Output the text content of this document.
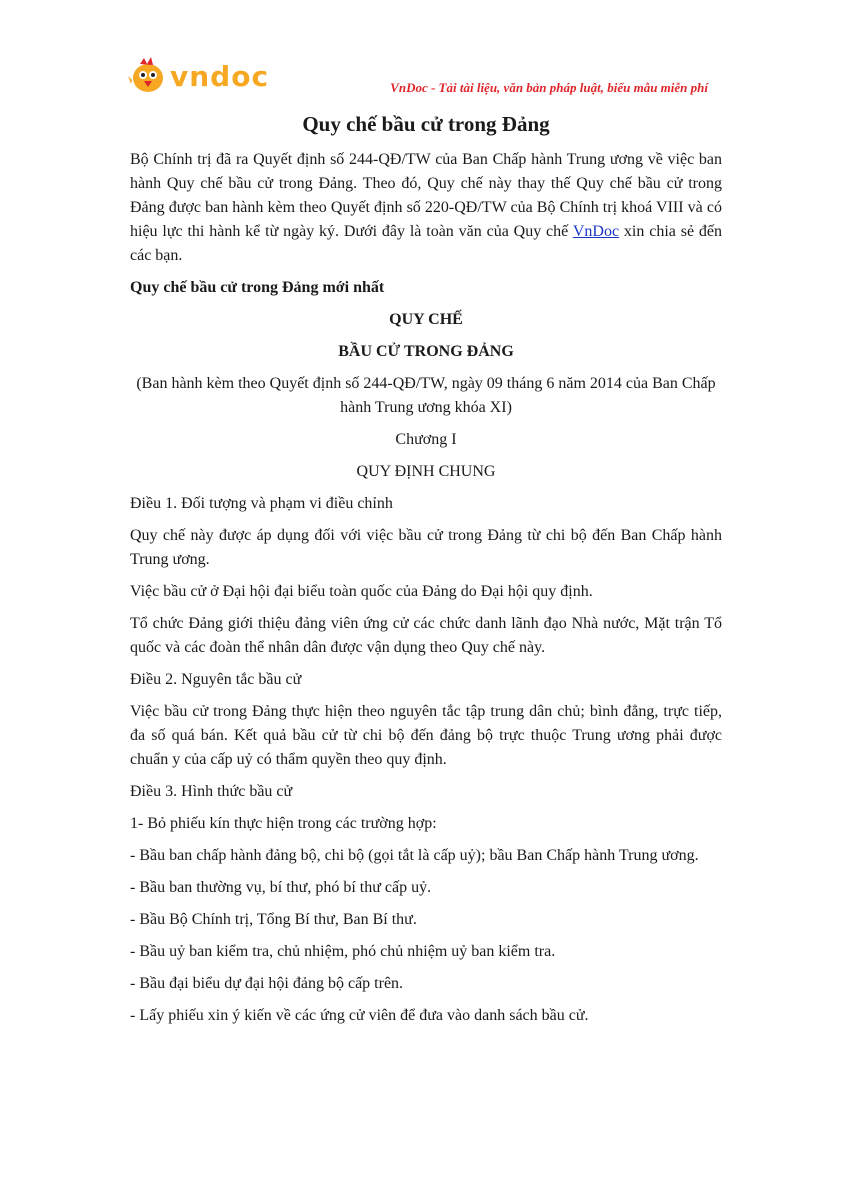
vndoc	VnDoc - Tải tài liệu, văn bản pháp luật, biểu mẫu miễn phí
Quy chế bầu cử trong Đảng

Bộ Chính trị đã ra Quyết định số 244-QĐ/TW của Ban Chấp hành Trung ương về việc ban hành Quy chế bầu cử trong Đảng. Theo đó, Quy chế này thay thế Quy chế bầu cử trong Đảng được ban hành kèm theo Quyết định số 220-QĐ/TW của Bộ Chính trị khoá VIII và có hiệu lực thi hành kể từ ngày ký. Dưới đây là toàn văn của Quy chế VnDoc xin chia sẻ đến các bạn.

Quy chế bầu cử trong Đảng mới nhất

QUY CHẾ

BẦU CỬ TRONG ĐẢNG

(Ban hành kèm theo Quyết định số 244-QĐ/TW, ngày 09 tháng 6 năm 2014 của Ban Chấp hành Trung ương khóa XI)

Chương I

QUY ĐỊNH CHUNG

Điều 1. Đối tượng và phạm vi điều chỉnh

Quy chế này được áp dụng đối với việc bầu cử trong Đảng từ chi bộ đến Ban Chấp hành Trung ương.

Việc bầu cử ở Đại hội đại biểu toàn quốc của Đảng do Đại hội quy định.

Tổ chức Đảng giới thiệu đảng viên ứng cử các chức danh lãnh đạo Nhà nước, Mặt trận Tổ quốc và các đoàn thể nhân dân được vận dụng theo Quy chế này.

Điều 2. Nguyên tắc bầu cử

Việc bầu cử trong Đảng thực hiện theo nguyên tắc tập trung dân chủ; bình đẳng, trực tiếp, đa số quá bán. Kết quả bầu cử từ chi bộ đến đảng bộ trực thuộc Trung ương phải được chuẩn y của cấp uỷ có thẩm quyền theo quy định.

Điều 3. Hình thức bầu cử

1- Bỏ phiếu kín thực hiện trong các trường hợp:

- Bầu ban chấp hành đảng bộ, chi bộ (gọi tắt là cấp uỷ); bầu Ban Chấp hành Trung ương.

- Bầu ban thường vụ, bí thư, phó bí thư cấp uỷ.

- Bầu Bộ Chính trị, Tổng Bí thư, Ban Bí thư.

- Bầu uỷ ban kiểm tra, chủ nhiệm, phó chủ nhiệm uỷ ban kiểm tra.

- Bầu đại biểu dự đại hội đảng bộ cấp trên.

- Lấy phiếu xin ý kiến về các ứng cử viên để đưa vào danh sách bầu cử.
